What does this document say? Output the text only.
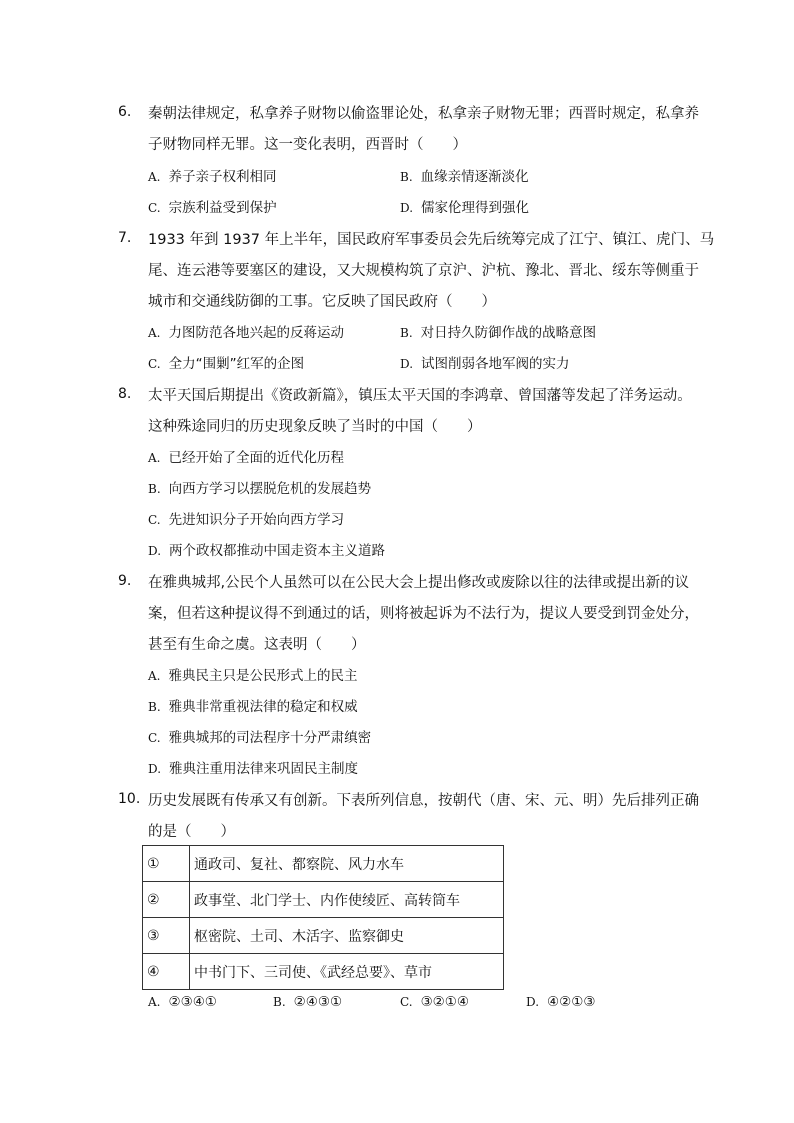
6. 秦朝法律规定，私拿养子财物以偷盗罪论处，私拿亲子财物无罪；西晋时规定，私拿养
子财物同样无罪。这一变化表明，西晋时（　　）
A. 养子亲子权利相同	B. 血缘亲情逐渐淡化
C. 宗族利益受到保护	D. 儒家伦理得到强化
7. 1933 年到 1937 年上半年，国民政府军事委员会先后统筹完成了江宁、镇江、虎门、马
尾、连云港等要塞区的建设，又大规模构筑了京沪、沪杭、豫北、晋北、绥东等侧重于
城市和交通线防御的工事。它反映了国民政府（　　）
A. 力图防范各地兴起的反蒋运动	B. 对日持久防御作战的战略意图
C. 全力“围剿”红军的企图	D. 试图削弱各地军阀的实力
8. 太平天国后期提出《资政新篇》，镇压太平天国的李鸿章、曾国藩等发起了洋务运动。
这种殊途同归的历史现象反映了当时的中国（　　）
A. 已经开始了全面的近代化历程
B. 向西方学习以摆脱危机的发展趋势
C. 先进知识分子开始向西方学习
D. 两个政权都推动中国走资本主义道路
9. 在雅典城邦,公民个人虽然可以在公民大会上提出修改或废除以往的法律或提出新的议
案，但若这种提议得不到通过的话，则将被起诉为不法行为，提议人要受到罚金处分，
甚至有生命之虞。这表明（　　）
A. 雅典民主只是公民形式上的民主
B. 雅典非常重视法律的稳定和权威
C. 雅典城邦的司法程序十分严肃缜密
D. 雅典注重用法律来巩固民主制度
10. 历史发展既有传承又有创新。下表所列信息，按朝代（唐、宋、元、明）先后排列正确
的是（　　）
①	通政司、复社、都察院、风力水车
②	政事堂、北门学士、内作使绫匠、高转筒车
③	枢密院、土司、木活字、监察御史
④	中书门下、三司使、《武经总要》、草市
A. ②③④①	B. ②④③①	C. ③②①④	D. ④②①③
